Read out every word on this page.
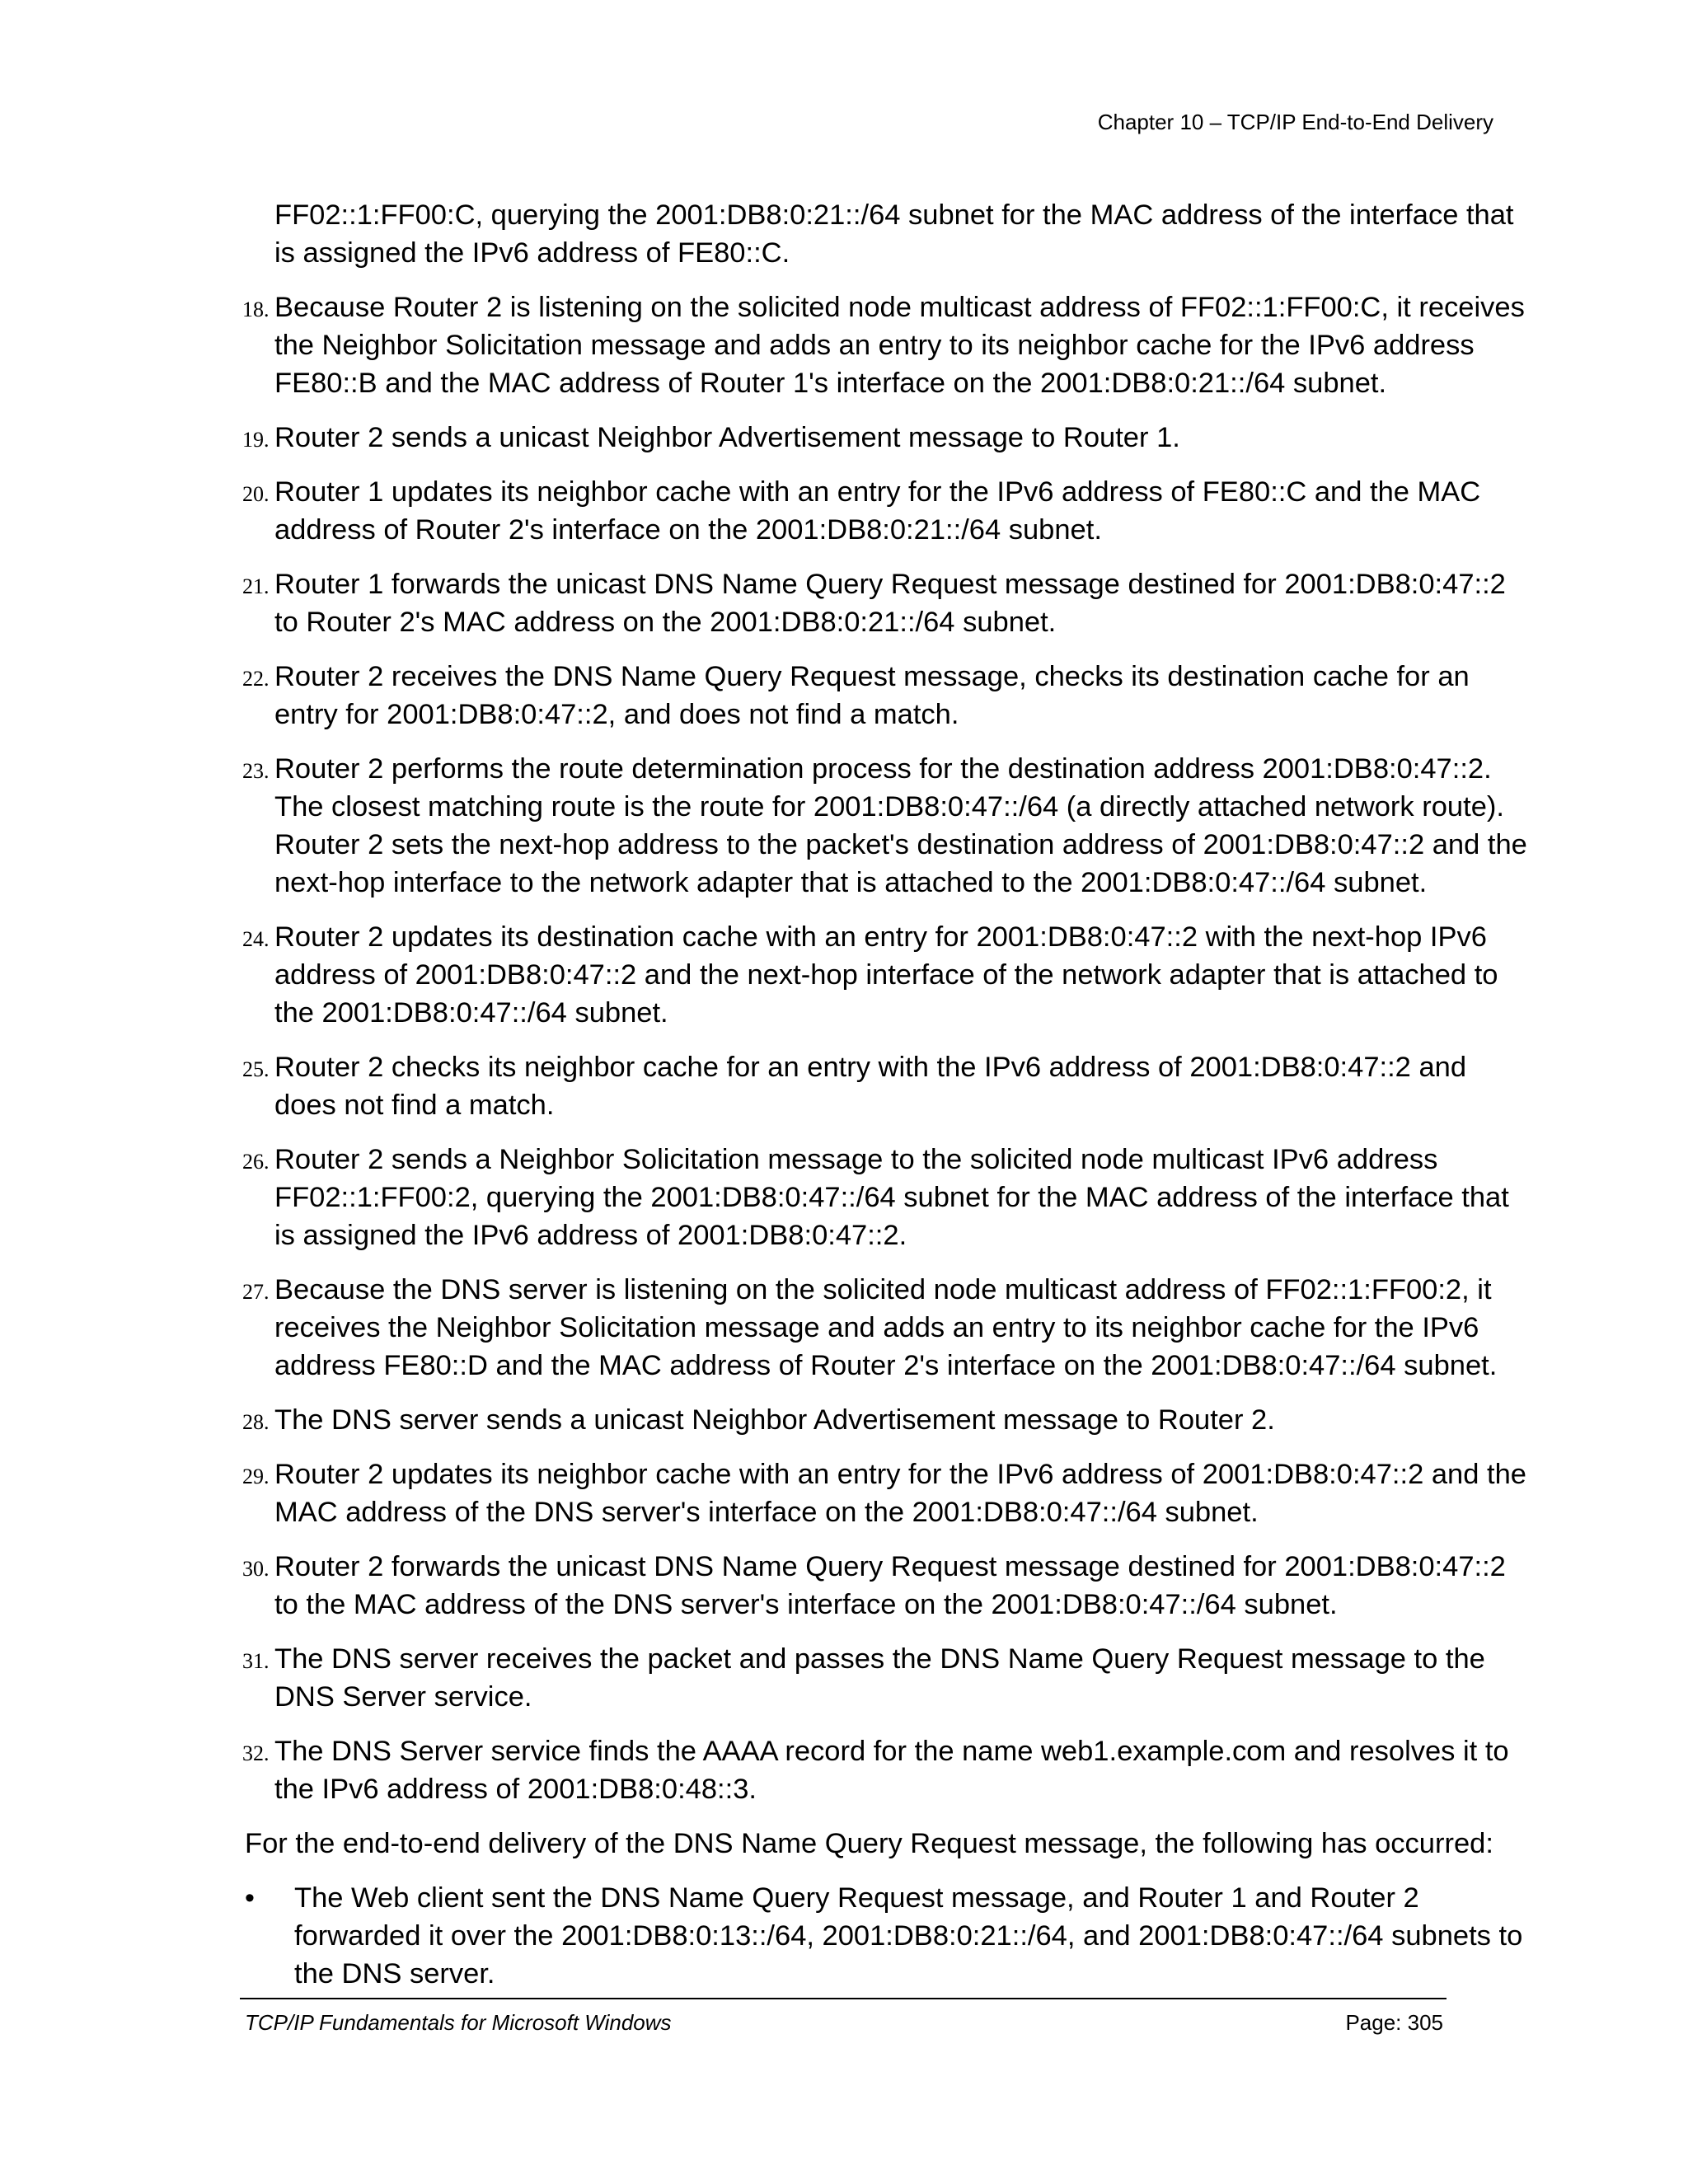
Chapter 10 – TCP/IP End-to-End Delivery

FF02::1:FF00:C, querying the 2001:DB8:0:21::/64 subnet for the MAC address of the interface that is assigned the IPv6 address of FE80::C.

18. Because Router 2 is listening on the solicited node multicast address of FF02::1:FF00:C, it receives the Neighbor Solicitation message and adds an entry to its neighbor cache for the IPv6 address FE80::B and the MAC address of Router 1's interface on the 2001:DB8:0:21::/64 subnet.
19. Router 2 sends a unicast Neighbor Advertisement message to Router 1.
20. Router 1 updates its neighbor cache with an entry for the IPv6 address of FE80::C and the MAC address of Router 2's interface on the 2001:DB8:0:21::/64 subnet.
21. Router 1 forwards the unicast DNS Name Query Request message destined for 2001:DB8:0:47::2 to Router 2's MAC address on the 2001:DB8:0:21::/64 subnet.
22. Router 2 receives the DNS Name Query Request message, checks its destination cache for an entry for 2001:DB8:0:47::2, and does not find a match.
23. Router 2 performs the route determination process for the destination address 2001:DB8:0:47::2. The closest matching route is the route for 2001:DB8:0:47::/64 (a directly attached network route). Router 2 sets the next-hop address to the packet's destination address of 2001:DB8:0:47::2 and the next-hop interface to the network adapter that is attached to the 2001:DB8:0:47::/64 subnet.
24. Router 2 updates its destination cache with an entry for 2001:DB8:0:47::2 with the next-hop IPv6 address of 2001:DB8:0:47::2 and the next-hop interface of the network adapter that is attached to the 2001:DB8:0:47::/64 subnet.
25. Router 2 checks its neighbor cache for an entry with the IPv6 address of 2001:DB8:0:47::2 and does not find a match.
26. Router 2 sends a Neighbor Solicitation message to the solicited node multicast IPv6 address FF02::1:FF00:2, querying the 2001:DB8:0:47::/64 subnet for the MAC address of the interface that is assigned the IPv6 address of 2001:DB8:0:47::2.
27. Because the DNS server is listening on the solicited node multicast address of FF02::1:FF00:2, it receives the Neighbor Solicitation message and adds an entry to its neighbor cache for the IPv6 address FE80::D and the MAC address of Router 2's interface on the 2001:DB8:0:47::/64 subnet.
28. The DNS server sends a unicast Neighbor Advertisement message to Router 2.
29. Router 2 updates its neighbor cache with an entry for the IPv6 address of 2001:DB8:0:47::2 and the MAC address of the DNS server's interface on the 2001:DB8:0:47::/64 subnet.
30. Router 2 forwards the unicast DNS Name Query Request message destined for 2001:DB8:0:47::2 to the MAC address of the DNS server's interface on the 2001:DB8:0:47::/64 subnet.
31. The DNS server receives the packet and passes the DNS Name Query Request message to the DNS Server service.
32. The DNS Server service finds the AAAA record for the name web1.example.com and resolves it to the IPv6 address of 2001:DB8:0:48::3.

For the end-to-end delivery of the DNS Name Query Request message, the following has occurred:

• The Web client sent the DNS Name Query Request message, and Router 1 and Router 2 forwarded it over the 2001:DB8:0:13::/64, 2001:DB8:0:21::/64, and 2001:DB8:0:47::/64 subnets to the DNS server.
TCP/IP Fundamentals for Microsoft Windows	Page: 305
